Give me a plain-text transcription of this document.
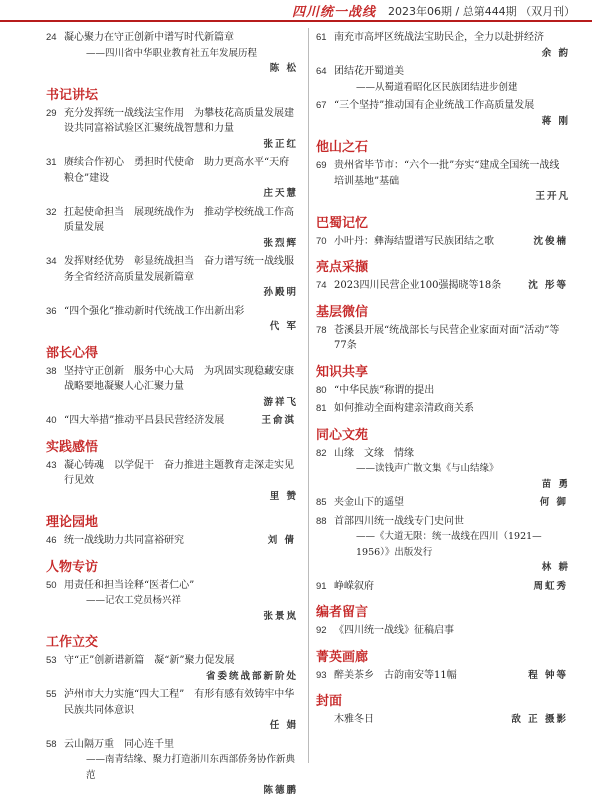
四川统一战线 2023年06期 / 总第444期 （双月刊）
24 凝心聚力在守正创新中谱写时代新篇章
——四川省中华职业教育社五年发展历程
陈 松
书记讲坛
29 充分发挥统一战线法宝作用　为攀枝花高质量发展建设共同富裕试验区汇聚统战智慧和力量
张正红
31 赓续合作初心　勇担时代使命　助力更高水平“天府粮仓”建设
庄天慧
32 扛起使命担当　展现统战作为　推动学校统战工作高质量发展
张烈辉
34 发挥财经优势　彰显统战担当　奋力谱写统一战线服务全省经济高质量发展新篇章
孙殿明
36 “四个强化”推动新时代统战工作出新出彩
代 军
部长心得
38 坚持守正创新　服务中心大局　为巩固实现稳藏安康战略要地凝聚人心汇聚力量
游祥飞
40 “四大举措”推动平昌县民营经济发展	王俞淇
实践感悟
43 凝心铸魂　以学促干　奋力推进主题教育走深走实见行见效
里 赞
理论园地
46 统一战线助力共同富裕研究	刘 倩
人物专访
50 用责任和担当诠释“医者仁心”
——记农工党员杨兴祥
张景岚
工作立交
53 守“正”创新谱新篇　凝“新”聚力促发展
省委统战部新阶处
55 泸州市大力实施“四大工程”　有形有感有效铸牢中华民族共同体意识
任 娟
58 云山隔万重　同心连千里
——南青结缘、聚力打造浙川东西部侨务协作新典范
陈德鹏
61 南充市高坪区统战法宝助民企，全力以赴拼经济
余 韵
64 团结花开蜀道美
——从蜀道看昭化区民族团结进步创建
67 “三个坚持”推动国有企业统战工作高质量发展
蒋 刚
他山之石
69 贵州省毕节市：“六个一批”夯实“建成全国统一战线培训基地”基础
王开凡
巴蜀记忆
70 小叶丹：彝海结盟谱写民族团结之歌	沈俊楠
亮点采撷
74 2023四川民营企业100强揭晓等18条	沈 彤等
基层微信
78 苍溪县开展“统战部长与民营企业家面对面”活动”等77条
知识共享
80 “中华民族”称谓的提出
81 如何推动全面构建亲清政商关系
同心文苑
82 山缘　文缘　情缘
——读钱声广散文集《与山结缘》
苗 勇
85 夹金山下的遥望	何 御
88 首部四川统一战线专门史问世
——《大道无限：统一战线在四川（1921—1956）》出版发行
林 耕
91 峥嵘叙府	周虹秀
编者留言
92 《四川统一战线》征稿启事
菁英画廊
93 醉美茶乡　古韵南安等11幅	程 钟等
封面
木雅冬日	敌 正 摄影
